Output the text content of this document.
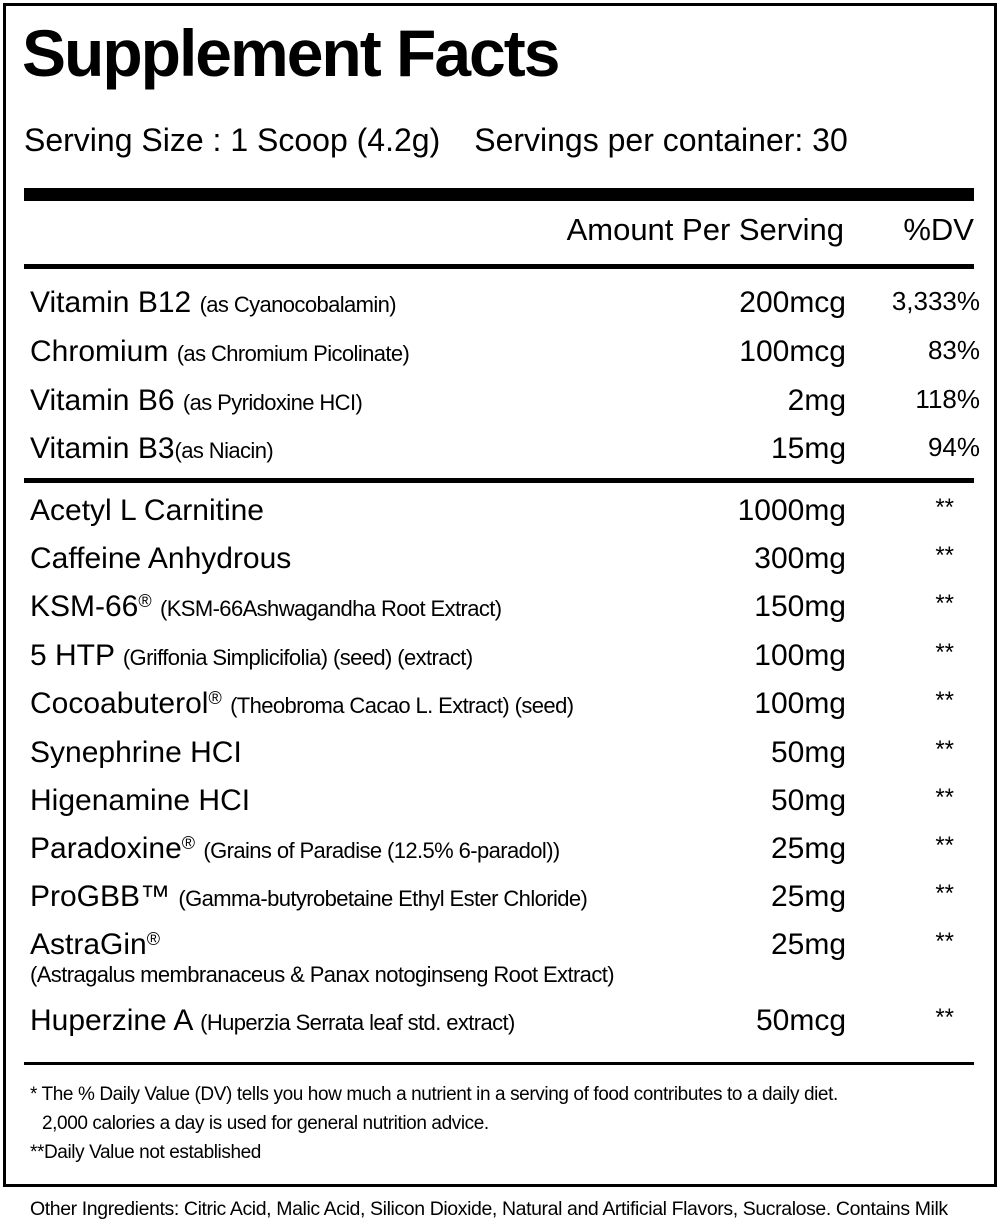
Supplement Facts
Serving Size : 1 Scoop (4.2g) Servings per container: 30
Amount Per Serving %DV
Vitamin B12 (as Cyanocobalamin)	200mcg 3,333%
Chromium (as Chromium Picolinate)	100mcg	83%
Vitamin B6 (as Pyridoxine HCI)	2mg	118%
Vitamin B3(as Niacin)	15mg	94%
Acetyl L Carnitine	1000mg	**
Caffeine Anhydrous	300mg	**
KSM-66® (KSM-66Ashwagandha Root Extract)	150mg	**
5 HTP (Griffonia Simplicifolia) (seed) (extract)	100mg	**
Cocoabuterol® (Theobroma Cacao L. Extract) (seed)	100mg	**
Synephrine HCI	50mg	**
Higenamine HCI	50mg	**
Paradoxine® (Grains of Paradise (12.5% 6-paradol))	25mg	**
ProGBB™ (Gamma-butyrobetaine Ethyl Ester Chloride)	25mg	**
AstraGin®
(Astragalus membranaceus & Panax notoginseng Root Extract)
25mg	**
Huperzine A (Huperzia Serrata leaf std. extract)	50mcg	**
* The % Daily Value (DV) tells you how much a nutrient in a serving of food contributes to a daily diet.
2,000 calories a day is used for general nutrition advice.
**Daily Value not established
Other Ingredients: Citric Acid, Malic Acid, Silicon Dioxide, Natural and Artificial Flavors, Sucralose. Contains Milk
